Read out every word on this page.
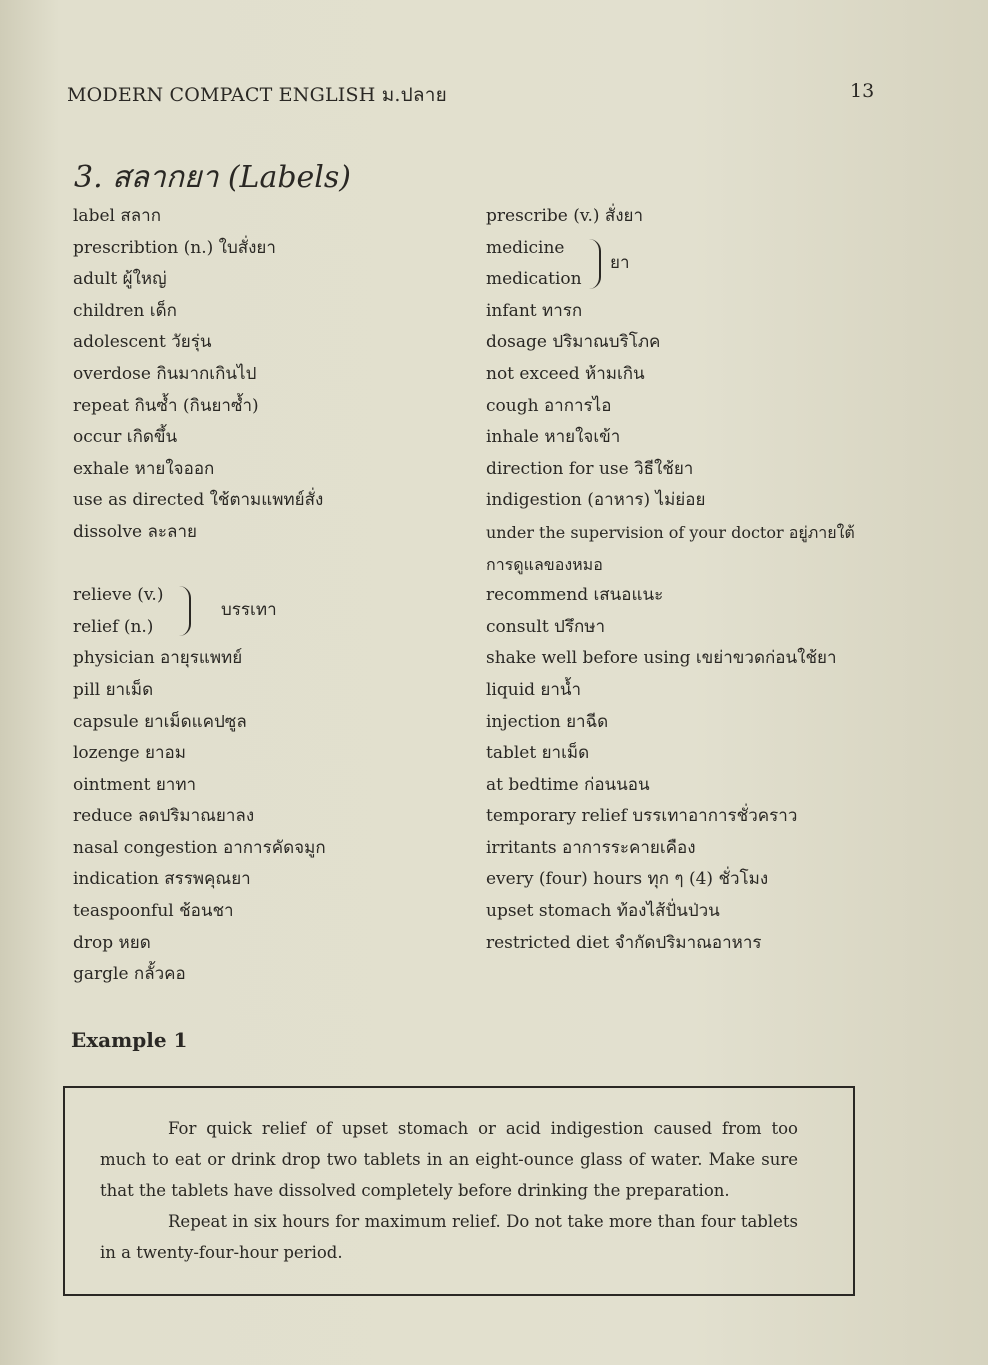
MODERN COMPACT ENGLISH ม.ปลาย	13
3. สลากยา (Labels)
label สลาก
prescribtion (n.) ใบสั่งยา
adult ผู้ใหญ่
children เด็ก
adolescent วัยรุ่น
overdose กินมากเกินไป
repeat กินซ้ำ (กินยาซ้ำ)
occur เกิดขึ้น
exhale หายใจออก
use as directed ใช้ตามแพทย์สั่ง
dissolve ละลาย
relieve (v.)
relief (n.)
บรรเทา
physician อายุรแพทย์
pill ยาเม็ด
capsule ยาเม็ดแคปซูล
lozenge ยาอม
ointment ยาทา
reduce ลดปริมาณยาลง
nasal congestion อาการคัดจมูก
indication สรรพคุณยา
teaspoonful ช้อนชา
drop หยด
gargle กลั้วคอ
prescribe (v.) สั่งยา
medicine
medication
ยา
infant ทารก
dosage ปริมาณบริโภค
not exceed ห้ามเกิน
cough อาการไอ
inhale หายใจเข้า
direction for use วิธีใช้ยา
indigestion (อาหาร) ไม่ย่อย
under the supervision of your doctor อยู่ภายใต้การดูแลของหมอ
recommend เสนอแนะ
consult ปรึกษา
shake well before using เขย่าขวดก่อนใช้ยา
liquid ยาน้ำ
injection ยาฉีด
tablet ยาเม็ด
at bedtime ก่อนนอน
temporary relief บรรเทาอาการชั่วคราว
irritants อาการระคายเคือง
every (four) hours ทุก ๆ (4) ชั่วโมง
upset stomach ท้องไส้ปั่นป่วน
restricted diet จำกัดปริมาณอาหาร
Example 1

For quick relief of upset stomach or acid indigestion caused from too much to eat or drink drop two tablets in an eight-ounce glass of water. Make sure that the tablets have dissolved completely before drinking the preparation.

Repeat in six hours for maximum relief. Do not take more than four tablets in a twenty-four-hour period.
